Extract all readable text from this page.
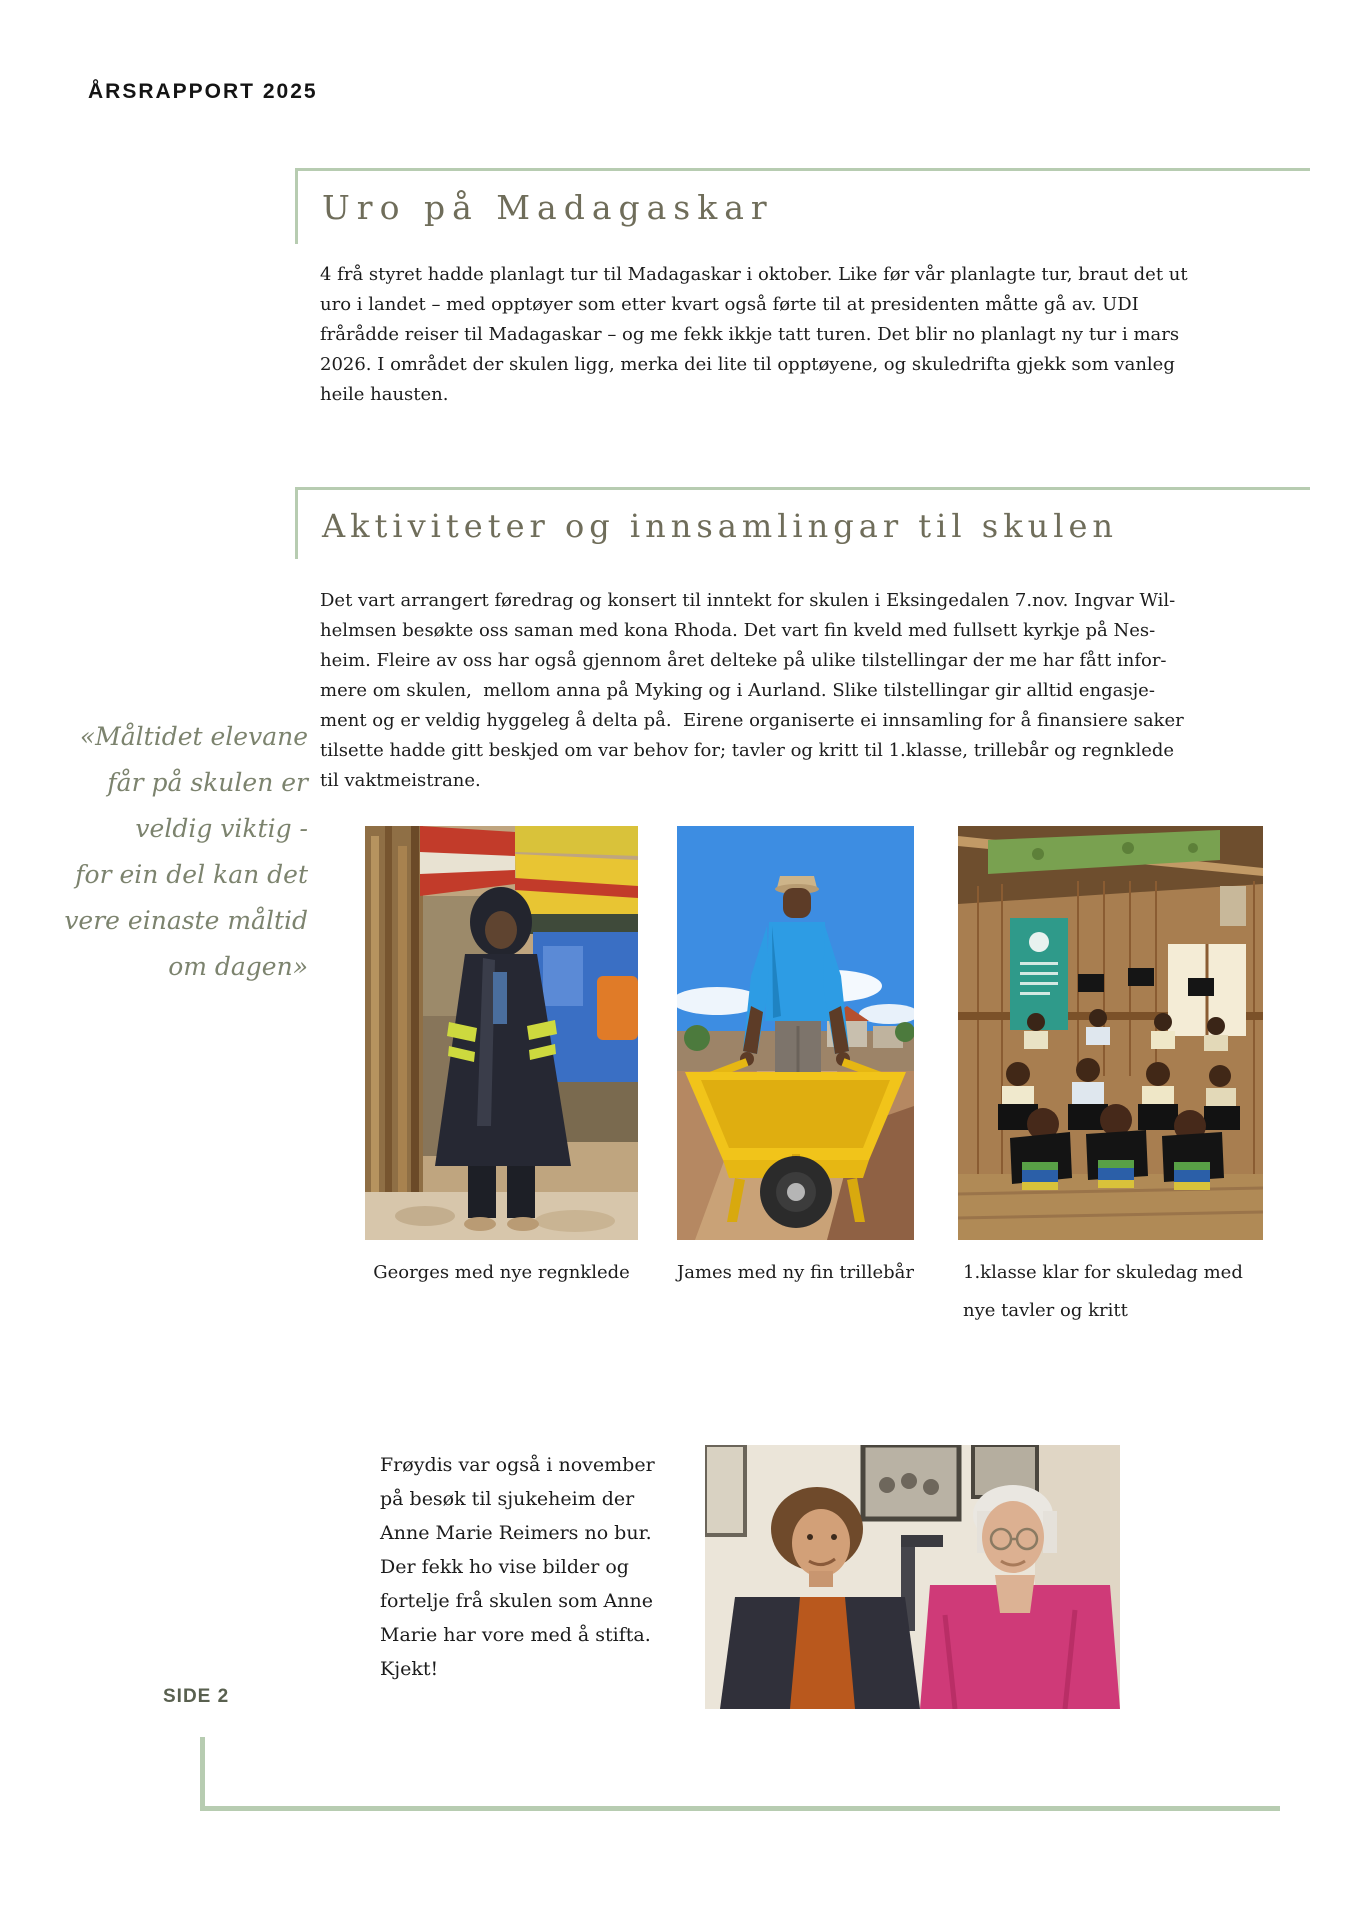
ÅRSRAPPORT 2025
Uro på Madagaskar
4 frå styret hadde planlagt tur til Madagaskar i oktober. Like før vår planlagte tur, braut det ut
uro i landet – med opptøyer som etter kvart også førte til at presidenten måtte gå av. UDI
frårådde reiser til Madagaskar – og me fekk ikkje tatt turen. Det blir no planlagt ny tur i mars
2026. I området der skulen ligg, merka dei lite til opptøyene, og skuledrifta gjekk som vanleg
heile hausten.
Aktiviteter og innsamlingar til skulen
Det vart arrangert føredrag og konsert til inntekt for skulen i Eksingedalen 7.nov. Ingvar Wil-
helmsen besøkte oss saman med kona Rhoda. Det vart fin kveld med fullsett kyrkje på Nes-
heim. Fleire av oss har også gjennom året delteke på ulike tilstellingar der me har fått infor-
mere om skulen,  mellom anna på Myking og i Aurland. Slike tilstellingar gir alltid engasje-
ment og er veldig hyggeleg å delta på.  Eirene organiserte ei innsamling for å finansiere saker
tilsette hadde gitt beskjed om var behov for; tavler og kritt til 1.klasse, trillebår og regnklede
til vaktmeistrane.
«Måltidet elevane
får på skulen er
veldig viktig -
for ein del kan det
vere einaste måltid
om dagen»
Georges med nye regnklede	James med ny fin trillebår	1.klasse klar for skuledag med
nye tavler og kritt
Frøydis var også i november
på besøk til sjukeheim der
Anne Marie Reimers no bur.
Der fekk ho vise bilder og
fortelje frå skulen som Anne
Marie har vore med å stifta.
Kjekt!
SIDE 2
